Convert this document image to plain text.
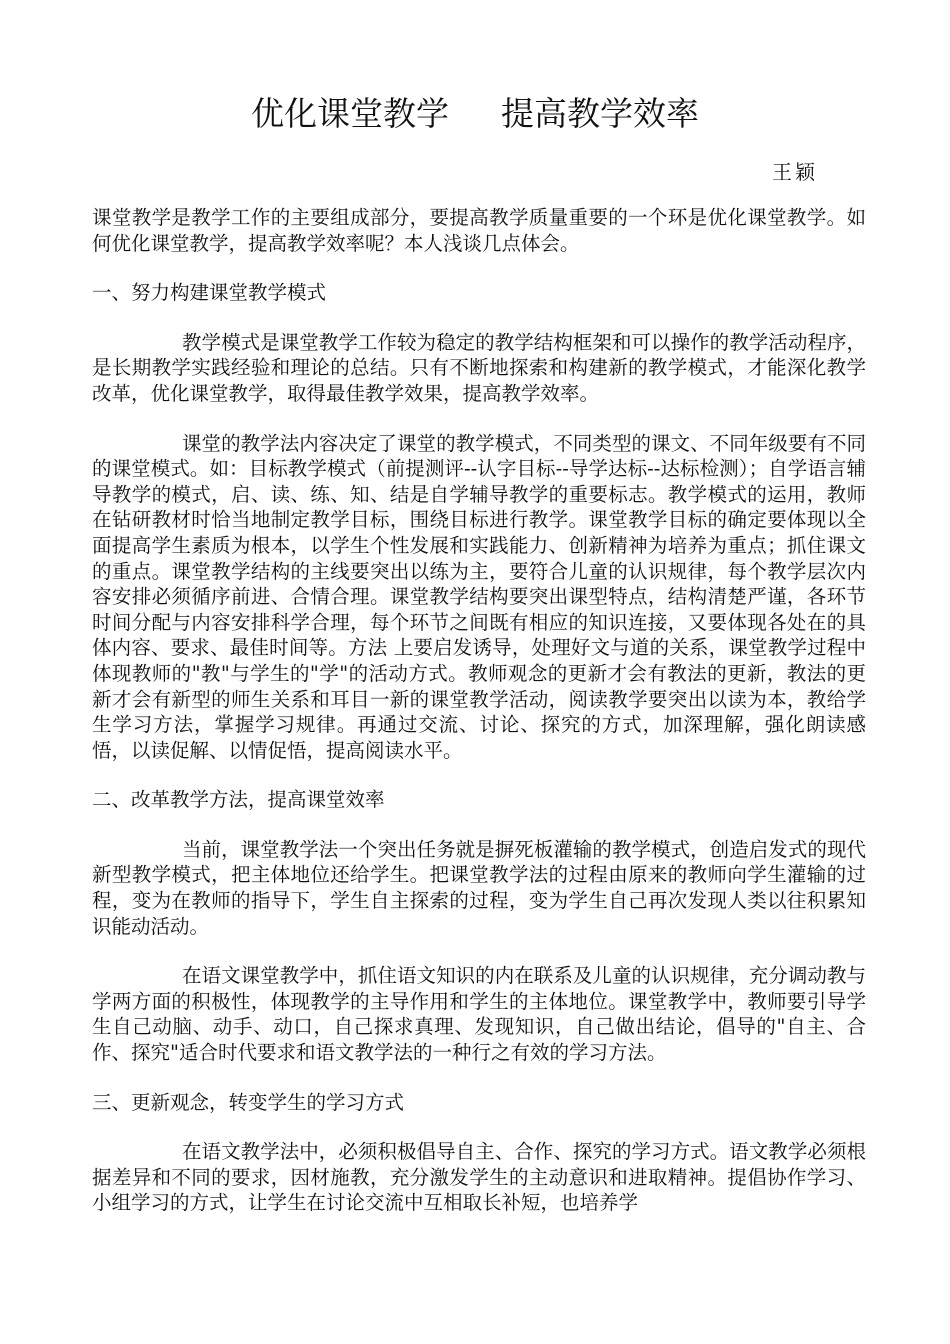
优化课堂教学 提高教学效率
王颖

课堂教学是教学工作的主要组成部分，要提高教学质量重要的一个环是优化课堂教学。如何优化课堂教学，提高教学效率呢？本人浅谈几点体会。

一、努力构建课堂教学模式

教学模式是课堂教学工作较为稳定的教学结构框架和可以操作的教学活动程序，是长期教学实践经验和理论的总结。只有不断地探索和构建新的教学模式，才能深化教学改革，优化课堂教学，取得最佳教学效果，提高教学效率。

课堂的教学法内容决定了课堂的教学模式，不同类型的课文、不同年级要有不同的课堂模式。如：目标教学模式（前提测评--认字目标--导学达标--达标检测）；自学语言辅导教学的模式，启、读、练、知、结是自学辅导教学的重要标志。教学模式的运用，教师在钻研教材时恰当地制定教学目标，围绕目标进行教学。课堂教学目标的确定要体现以全面提高学生素质为根本，以学生个性发展和实践能力、创新精神为培养为重点；抓住课文的重点。课堂教学结构的主线要突出以练为主，要符合儿童的认识规律，每个教学层次内容安排必须循序前进、合情合理。课堂教学结构要突出课型特点，结构清楚严谨，各环节时间分配与内容安排科学合理，每个环节之间既有相应的知识连接，又要体现各处在的具体内容、要求、最佳时间等。方法 上要启发诱导，处理好文与道的关系，课堂教学过程中体现教师的"教"与学生的"学"的活动方式。教师观念的更新才会有教法的更新，教法的更新才会有新型的师生关系和耳目一新的课堂教学活动，阅读教学要突出以读为本，教给学生学习方法，掌握学习规律。再通过交流、讨论、探究的方式，加深理解，强化朗读感悟，以读促解、以情促悟，提高阅读水平。

二、改革教学方法，提高课堂效率

当前，课堂教学法一个突出任务就是摒死板灌输的教学模式，创造启发式的现代新型教学模式，把主体地位还给学生。把课堂教学法的过程由原来的教师向学生灌输的过程，变为在教师的指导下，学生自主探索的过程，变为学生自己再次发现人类以往积累知识能动活动。

在语文课堂教学中，抓住语文知识的内在联系及儿童的认识规律，充分调动教与学两方面的积极性，体现教学的主导作用和学生的主体地位。课堂教学中，教师要引导学生自己动脑、动手、动口，自己探求真理、发现知识，自己做出结论，倡导的"自主、合作、探究"适合时代要求和语文教学法的一种行之有效的学习方法。

三、更新观念，转变学生的学习方式

在语文教学法中，必须积极倡导自主、合作、探究的学习方式。语文教学必须根据差异和不同的要求，因材施教，充分激发学生的主动意识和进取精神。提倡协作学习、小组学习的方式，让学生在讨论交流中互相取长补短，也培养学
